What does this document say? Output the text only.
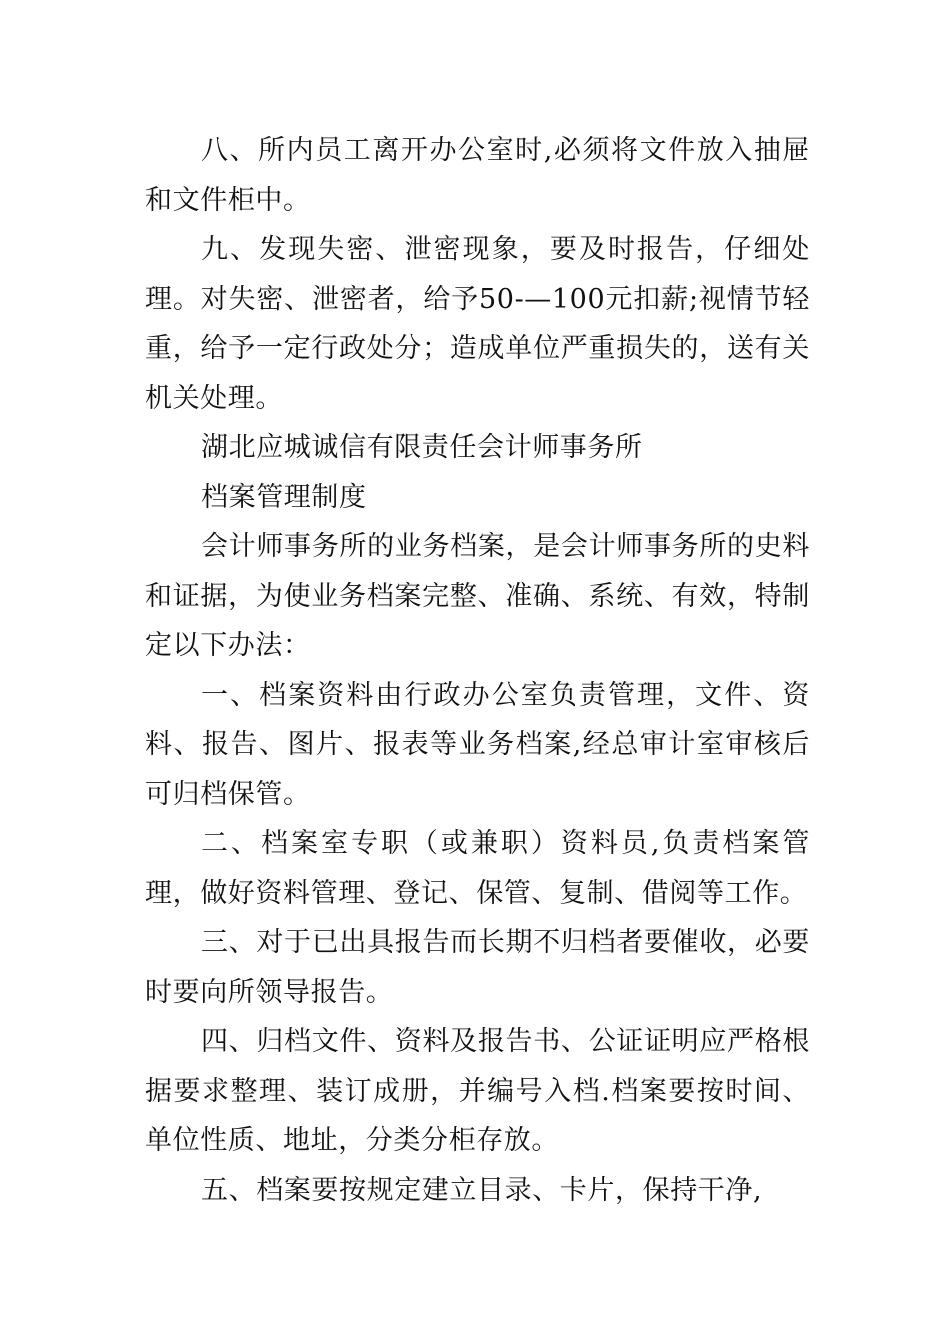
八、所内员工离开办公室时,必须将文件放入抽屉和文件柜中。

九、发现失密、泄密现象，要及时报告，仔细处理。对失密、泄密者，给予50-—100元扣薪;视情节轻重，给予一定行政处分；造成单位严重损失的，送有关机关处理。

湖北应城诚信有限责任会计师事务所

档案管理制度

会计师事务所的业务档案，是会计师事务所的史料和证据，为使业务档案完整、准确、系统、有效，特制定以下办法：

一、档案资料由行政办公室负责管理，文件、资料、报告、图片、报表等业务档案,经总审计室审核后可归档保管。

二、档案室专职（或兼职）资料员,负责档案管理，做好资料管理、登记、保管、复制、借阅等工作。

三、对于已出具报告而长期不归档者要催收，必要时要向所领导报告。

四、归档文件、资料及报告书、公证证明应严格根据要求整理、装订成册，并编号入档.档案要按时间、单位性质、地址，分类分柜存放。

五、档案要按规定建立目录、卡片，保持干净,
